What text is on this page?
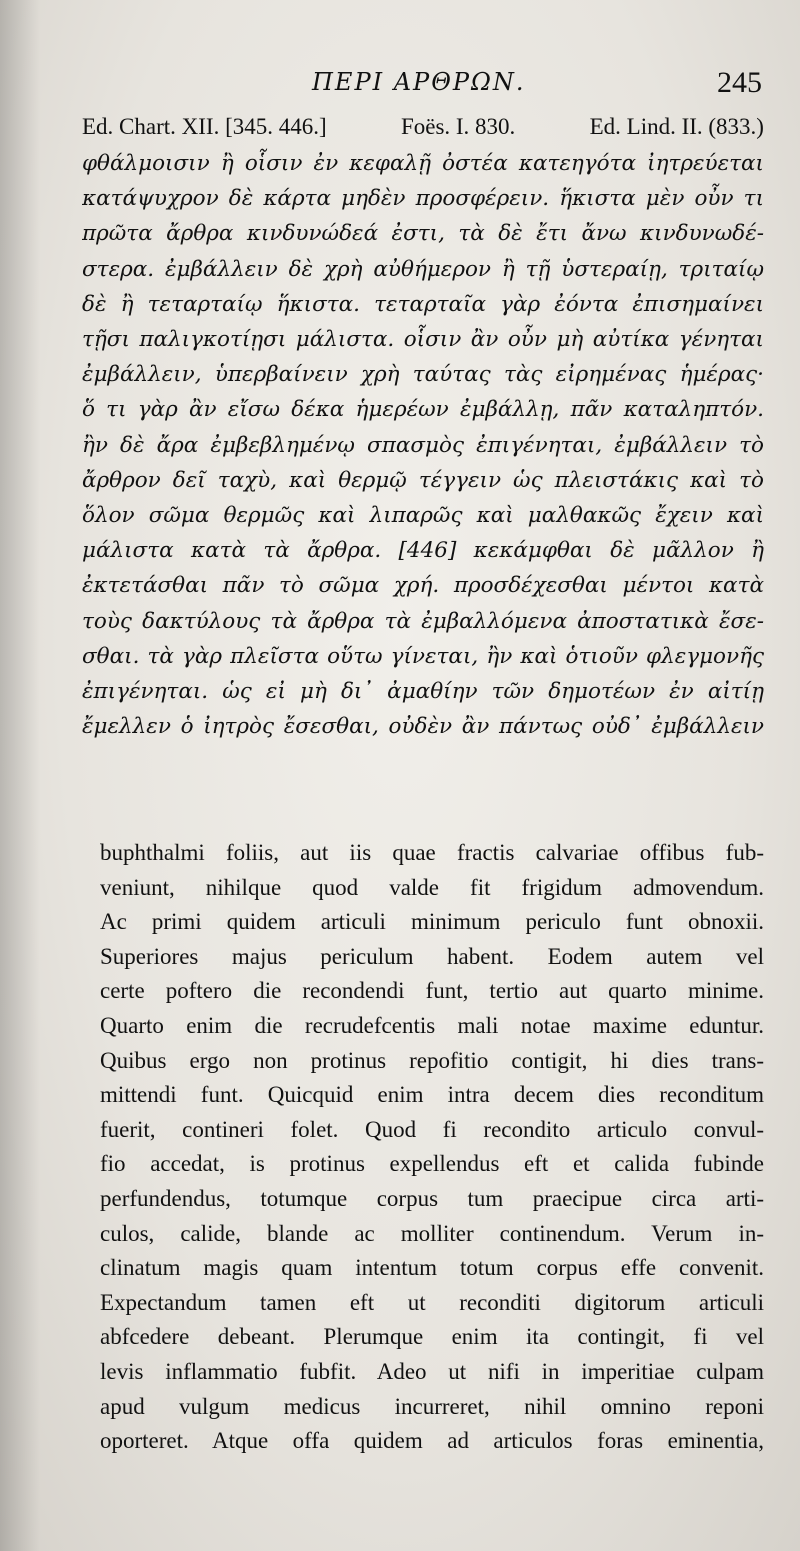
ΠΕΡΙ ΑΡΘΡΩΝ.	245
Ed. Chart. XII. [345. 446.]	Foës. I. 830.	Ed. Lind. II. (833.)
φθάλμοισιν ἢ οἷσιν ἐν κεφαλῇ ὀστέα κατεηγότα ἰητρεύεται
κατάψυχρον δὲ κάρτα μηδὲν προσφέρειν. ἥκιστα μὲν οὖν τι
πρῶτα ἄρθρα κινδυνώδεά ἐστι, τὰ δὲ ἔτι ἄνω κινδυνωδέ-
στερα. ἐμβάλλειν δὲ χρὴ αὐθήμερον ἢ τῇ ὑστεραίῃ, τριταίῳ
δὲ ἢ τεταρταίῳ ἥκιστα. τεταρταῖα γὰρ ἐόντα ἐπισημαίνει
τῇσι παλιγκοτίῃσι μάλιστα. οἷσιν ἂν οὖν μὴ αὐτίκα γένηται
ἐμβάλλειν, ὑπερβαίνειν χρὴ ταύτας τὰς εἰρημένας ἡμέρας·
ὅ τι γὰρ ἂν εἴσω δέκα ἡμερέων ἐμβάλλῃ, πᾶν καταληπτόν.
ἢν δὲ ἄρα ἐμβεβλημένῳ σπασμὸς ἐπιγένηται, ἐμβάλλειν τὸ
ἄρθρον δεῖ ταχὺ, καὶ θερμῷ τέγγειν ὡς πλειστάκις καὶ τὸ
ὅλον σῶμα θερμῶς καὶ λιπαρῶς καὶ μαλθακῶς ἔχειν καὶ
μάλιστα κατὰ τὰ ἄρθρα. [446] κεκάμφθαι δὲ μᾶλλον ἢ
ἐκτετάσθαι πᾶν τὸ σῶμα χρή. προσδέχεσθαι μέντοι κατὰ
τοὺς δακτύλους τὰ ἄρθρα τὰ ἐμβαλλόμενα ἀποστατικὰ ἔσε-
σθαι. τὰ γὰρ πλεῖστα οὕτω γίνεται, ἢν καὶ ὁτιοῦν φλεγμονῆς
ἐπιγένηται. ὡς εἰ μὴ δι᾿ ἀμαθίην τῶν δημοτέων ἐν αἰτίῃ
ἔμελλεν ὁ ἰητρὸς ἔσεσθαι, οὐδὲν ἂν πάντως οὐδ᾿ ἐμβάλλειν
buphthalmi foliis, aut iis quae fractis calvariae offibus fub-
veniunt, nihilque quod valde fit frigidum admovendum.
Ac primi quidem articuli minimum periculo funt obnoxii.
Superiores majus periculum habent. Eodem autem vel
certe poftero die recondendi funt, tertio aut quarto minime.
Quarto enim die recrudefcentis mali notae maxime eduntur.
Quibus ergo non protinus repofitio contigit, hi dies trans-
mittendi funt. Quicquid enim intra decem dies reconditum
fuerit, contineri folet. Quod fi recondito articulo convul-
fio accedat, is protinus expellendus eft et calida fubinde
perfundendus, totumque corpus tum praecipue circa arti-
culos, calide, blande ac molliter continendum. Verum in-
clinatum magis quam intentum totum corpus effe convenit.
Expectandum tamen eft ut reconditi digitorum articuli
abfcedere debeant. Plerumque enim ita contingit, fi vel
levis inflammatio fubfit. Adeo ut nifi in imperitiae culpam
apud vulgum medicus incurreret, nihil omnino reponi
oporteret. Atque offa quidem ad articulos foras eminentia,
